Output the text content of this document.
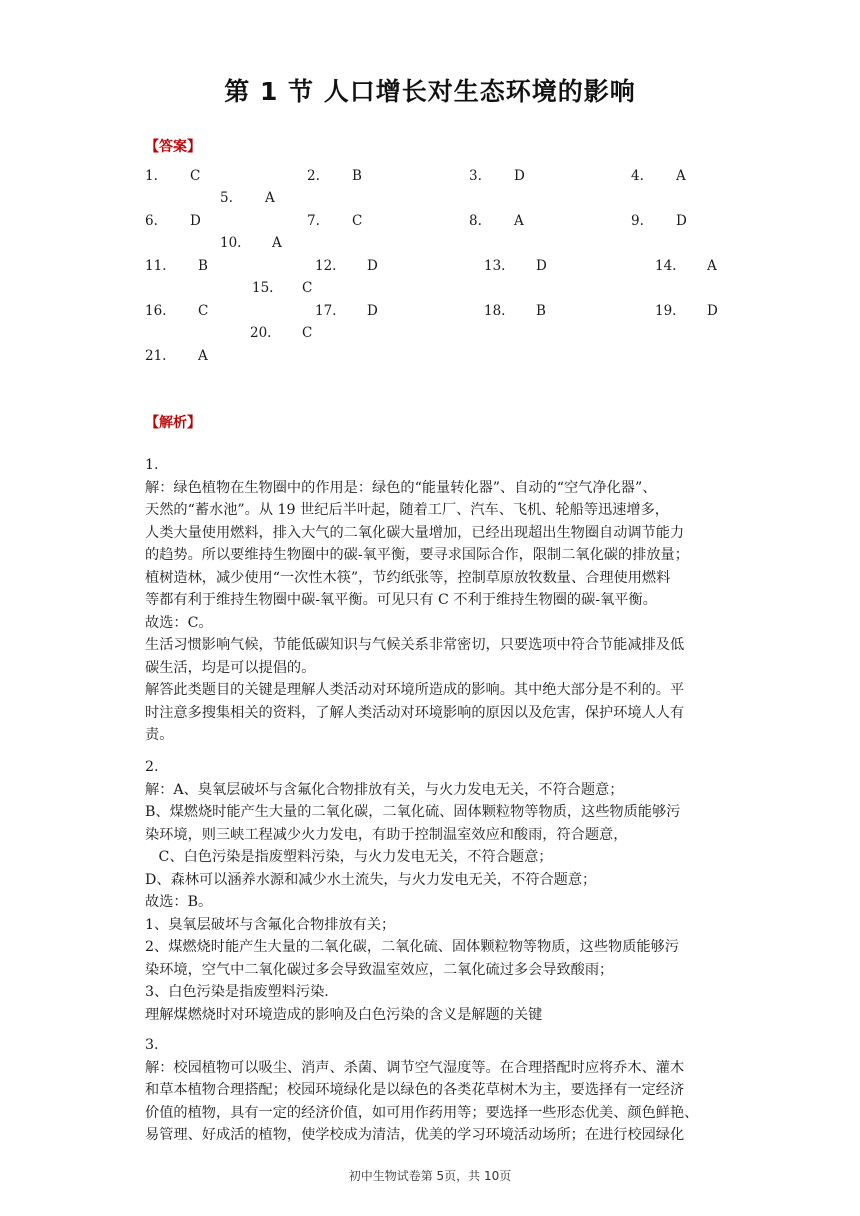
第 1 节 人口增长对生态环境的影响
【答案】
1. C	2. B	3. D	4. A
5. A
6. D	7. C	8. A	9. D
10. A
11. B	12. D	13. D	14. A
15. C
16. C	17. D	18. B	19. D
20. C
21. A
【解析】

1.

解：绿色植物在生物圈中的作用是：绿色的“能量转化器”、自动的“空气净化器”、

天然的“蓄水池”。从 19 世纪后半叶起，随着工厂、汽车、飞机、轮船等迅速增多，

人类大量使用燃料，排入大气的二氧化碳大量增加，已经出现超出生物圈自动调节能力

的趋势。所以要维持生物圈中的碳-氧平衡，要寻求国际合作，限制二氧化碳的排放量；

植树造林，减少使用“一次性木筷”，节约纸张等，控制草原放牧数量、合理使用燃料

等都有利于维持生物圈中碳-氧平衡。可见只有 C 不利于维持生物圈的碳-氧平衡。

故选：C。

生活习惯影响气候，节能低碳知识与气候关系非常密切，只要选项中符合节能减排及低

碳生活，均是可以提倡的。

解答此类题目的关键是理解人类活动对环境所造成的影响。其中绝大部分是不利的。平

时注意多搜集相关的资料，了解人类活动对环境影响的原因以及危害，保护环境人人有

责。

2.

解：A、臭氧层破坏与含氟化合物排放有关，与火力发电无关，不符合题意；

B、煤燃烧时能产生大量的二氧化碳，二氧化硫、固体颗粒物等物质，这些物质能够污

染环境，则三峡工程减少火力发电，有助于控制温室效应和酸雨，符合题意，

C、白色污染是指废塑料污染，与火力发电无关，不符合题意；

D、森林可以涵养水源和减少水土流失，与火力发电无关，不符合题意；

故选：B。

1、臭氧层破坏与含氟化合物排放有关；

2、煤燃烧时能产生大量的二氧化碳，二氧化硫、固体颗粒物等物质，这些物质能够污

染环境，空气中二氧化碳过多会导致温室效应，二氧化硫过多会导致酸雨；

3、白色污染是指废塑料污染.

理解煤燃烧时对环境造成的影响及白色污染的含义是解题的关键

3.

解：校园植物可以吸尘、消声、杀菌、调节空气湿度等。在合理搭配时应将乔木、灌木

和草本植物合理搭配；校园环境绿化是以绿色的各类花草树木为主，要选择有一定经济

价值的植物，具有一定的经济价值，如可用作药用等；要选择一些形态优美、颜色鲜艳、

易管理、好成活的植物，使学校成为清洁，优美的学习环境活动场所；在进行校园绿化

初中生物试卷第 5页，共 10页
